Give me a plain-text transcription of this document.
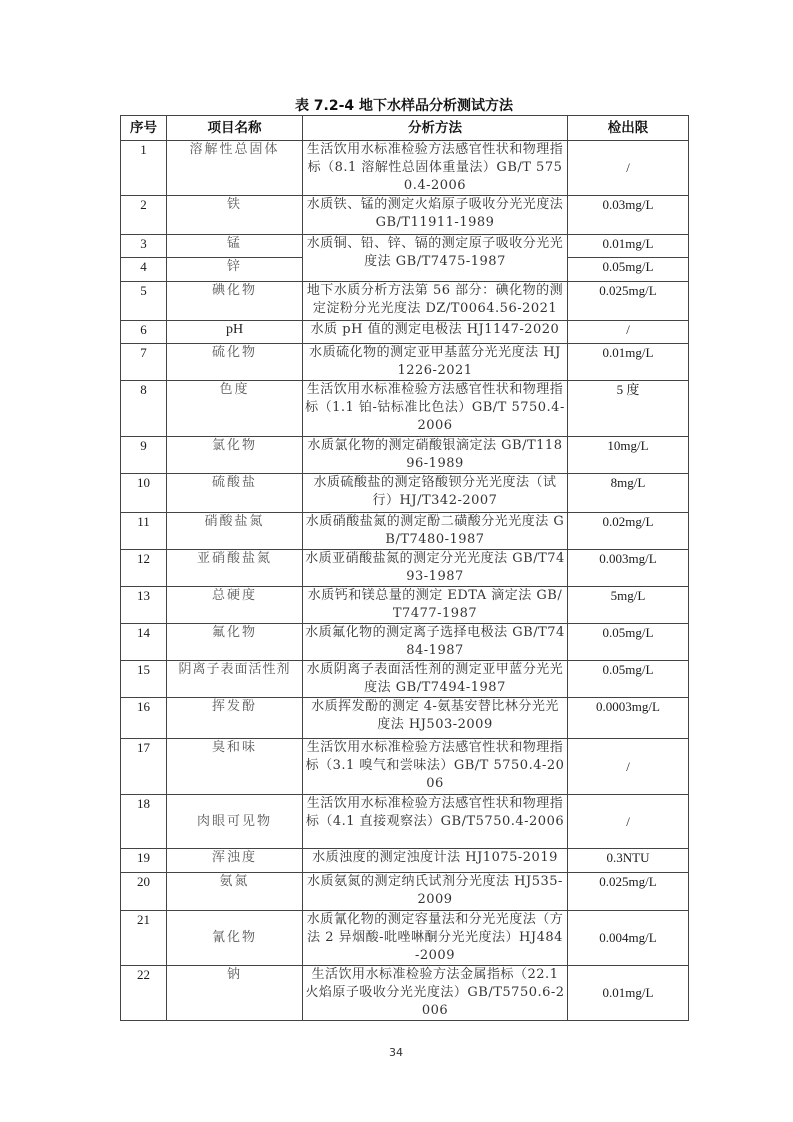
表 7.2-4 地下水样品分析测试方法
序号	项目名称	分析方法	检出限
1	溶解性总固体	生活饮用水标准检验方法感官性状和物理指标（8.1 溶解性总固体重量法）GB/T 5750.4-2006	/
2	铁	水质铁、锰的测定火焰原子吸收分光光度法 GB/T11911-1989	0.03mg/L
3	锰	水质铜、铅、锌、镉的测定原子吸收分光光度法 GB/T7475-1987	0.01mg/L
4	锌		0.05mg/L
5	碘化物	地下水质分析方法第 56 部分：碘化物的测定淀粉分光光度法 DZ/T0064.56-2021	0.025mg/L
6	pH	水质 pH 值的测定电极法 HJ1147-2020	/
7	硫化物	水质硫化物的测定亚甲基蓝分光光度法 HJ1226-2021	0.01mg/L
8	色度	生活饮用水标准检验方法感官性状和物理指标（1.1 铂-钴标准比色法）GB/T 5750.4-2006	5 度
9	氯化物	水质氯化物的测定硝酸银滴定法 GB/T11896-1989	10mg/L
10	硫酸盐	水质硫酸盐的测定铬酸钡分光光度法（试行）HJ/T342-2007	8mg/L
11	硝酸盐氮	水质硝酸盐氮的测定酚二磺酸分光光度法 GB/T7480-1987	0.02mg/L
12	亚硝酸盐氮	水质亚硝酸盐氮的测定分光光度法 GB/T7493-1987	0.003mg/L
13	总硬度	水质钙和镁总量的测定 EDTA 滴定法 GB/T7477-1987	5mg/L
14	氟化物	水质氟化物的测定离子选择电极法 GB/T7484-1987	0.05mg/L
15	阴离子表面活性剂	水质阴离子表面活性剂的测定亚甲蓝分光光度法 GB/T7494-1987	0.05mg/L
16	挥发酚	水质挥发酚的测定 4-氨基安替比林分光光度法 HJ503-2009	0.0003mg/L
17	臭和味	生活饮用水标准检验方法感官性状和物理指标（3.1 嗅气和尝味法）GB/T 5750.4-2006	/
18	肉眼可见物	生活饮用水标准检验方法感官性状和物理指标（4.1 直接观察法）GB/T5750.4-2006	/
19	浑浊度	水质浊度的测定浊度计法 HJ1075-2019	0.3NTU
20	氨氮	水质氨氮的测定纳氏试剂分光度法 HJ535-2009	0.025mg/L
21	氰化物	水质氰化物的测定容量法和分光光度法（方法 2 异烟酸-吡唑啉酮分光光度法）HJ484-2009	0.004mg/L
22	钠	生活饮用水标准检验方法金属指标（22.1 火焰原子吸收分光光度法）GB/T5750.6-2006	0.01mg/L
34
